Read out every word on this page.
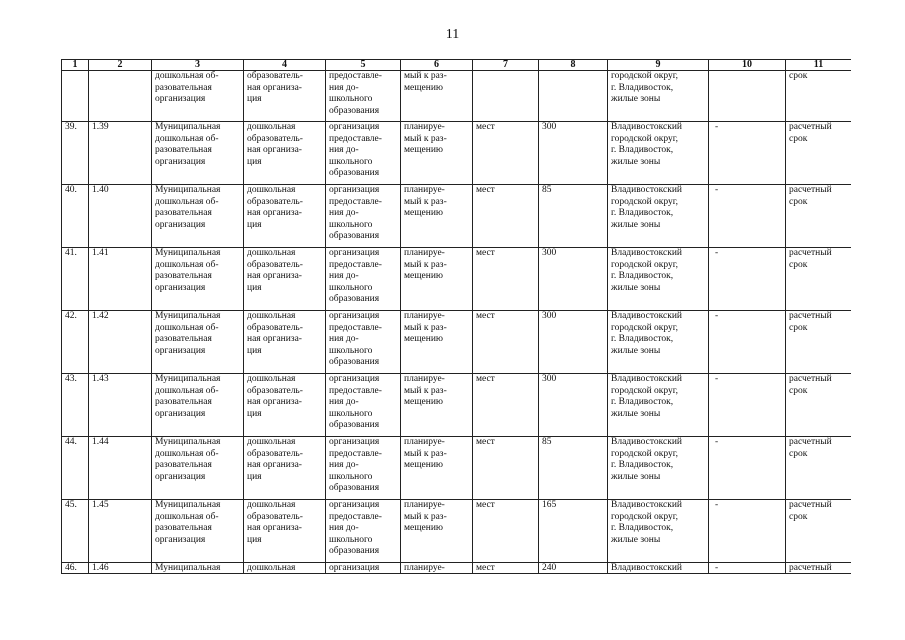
11
1	2	3	4	5	6	7	8	9	10	11
		дошкольная об-
разовательная
организация	образователь-
ная организа-
ция	предоставле-
ния до-
школьного
образования	мый к раз-
мещению			городской округ,
г. Владивосток,
жилые зоны		срок
39.	1.39	Муниципальная
дошкольная об-
разовательная
организация	дошкольная
образователь-
ная организа-
ция	организация
предоставле-
ния до-
школьного
образования	планируе-
мый к раз-
мещению	мест	300	Владивостокский
городской округ,
г. Владивосток,
жилые зоны	-	расчетный
срок
40.	1.40	Муниципальная
дошкольная об-
разовательная
организация	дошкольная
образователь-
ная организа-
ция	организация
предоставле-
ния до-
школьного
образования	планируе-
мый к раз-
мещению	мест	85	Владивостокский
городской округ,
г. Владивосток,
жилые зоны	-	расчетный
срок
41.	1.41	Муниципальная
дошкольная об-
разовательная
организация	дошкольная
образователь-
ная организа-
ция	организация
предоставле-
ния до-
школьного
образования	планируе-
мый к раз-
мещению	мест	300	Владивостокский
городской округ,
г. Владивосток,
жилые зоны	-	расчетный
срок
42.	1.42	Муниципальная
дошкольная об-
разовательная
организация	дошкольная
образователь-
ная организа-
ция	организация
предоставле-
ния до-
школьного
образования	планируе-
мый к раз-
мещению	мест	300	Владивостокский
городской округ,
г. Владивосток,
жилые зоны	-	расчетный
срок
43.	1.43	Муниципальная
дошкольная об-
разовательная
организация	дошкольная
образователь-
ная организа-
ция	организация
предоставле-
ния до-
школьного
образования	планируе-
мый к раз-
мещению	мест	300	Владивостокский
городской округ,
г. Владивосток,
жилые зоны	-	расчетный
срок
44.	1.44	Муниципальная
дошкольная об-
разовательная
организация	дошкольная
образователь-
ная организа-
ция	организация
предоставле-
ния до-
школьного
образования	планируе-
мый к раз-
мещению	мест	85	Владивостокский
городской округ,
г. Владивосток,
жилые зоны	-	расчетный
срок
45.	1.45	Муниципальная
дошкольная об-
разовательная
организация	дошкольная
образователь-
ная организа-
ция	организация
предоставле-
ния до-
школьного
образования	планируе-
мый к раз-
мещению	мест	165	Владивостокский
городской округ,
г. Владивосток,
жилые зоны	-	расчетный
срок
46.	1.46	Муниципальная	дошкольная	организация	планируе-	мест	240	Владивостокский	-	расчетный
